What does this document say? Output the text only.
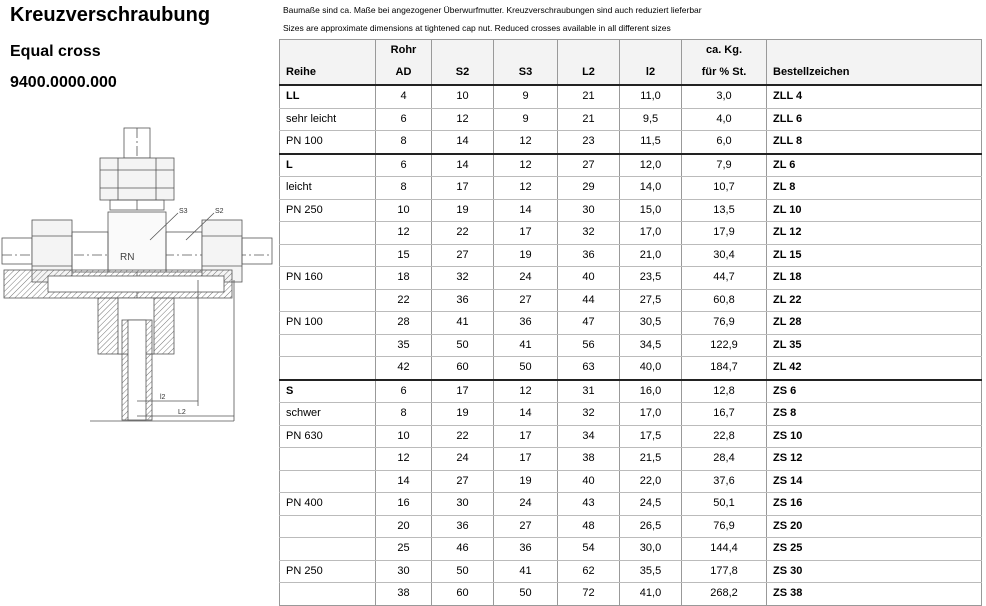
Kreuzverschraubung
Equal cross
9400.0000.000
Baumaße sind ca. Maße bei angezogener Überwurfmutter. Kreuzverschraubungen sind auch reduziert lieferbar
Sizes are approximate dimensions at tightened cap nut. Reduced crosses available in all different sizes
RN
S3	S2
l2
L2
	Rohr					ca. Kg.	
Reihe	AD	S2	S3	L2	l2	für % St.	Bestellzeichen
LL	4	10	9	21	11,0	3,0	ZLL 4
sehr leicht	6	12	9	21	9,5	4,0	ZLL 6
PN 100	8	14	12	23	11,5	6,0	ZLL 8
L	6	14	12	27	12,0	7,9	ZL 6
leicht	8	17	12	29	14,0	10,7	ZL 8
PN 250	10	19	14	30	15,0	13,5	ZL 10
	12	22	17	32	17,0	17,9	ZL 12
	15	27	19	36	21,0	30,4	ZL 15
PN 160	18	32	24	40	23,5	44,7	ZL 18
	22	36	27	44	27,5	60,8	ZL 22
PN 100	28	41	36	47	30,5	76,9	ZL 28
	35	50	41	56	34,5	122,9	ZL 35
	42	60	50	63	40,0	184,7	ZL 42
S	6	17	12	31	16,0	12,8	ZS 6
schwer	8	19	14	32	17,0	16,7	ZS 8
PN 630	10	22	17	34	17,5	22,8	ZS 10
	12	24	17	38	21,5	28,4	ZS 12
	14	27	19	40	22,0	37,6	ZS 14
PN 400	16	30	24	43	24,5	50,1	ZS 16
	20	36	27	48	26,5	76,9	ZS 20
	25	46	36	54	30,0	144,4	ZS 25
PN 250	30	50	41	62	35,5	177,8	ZS 30
	38	60	50	72	41,0	268,2	ZS 38
